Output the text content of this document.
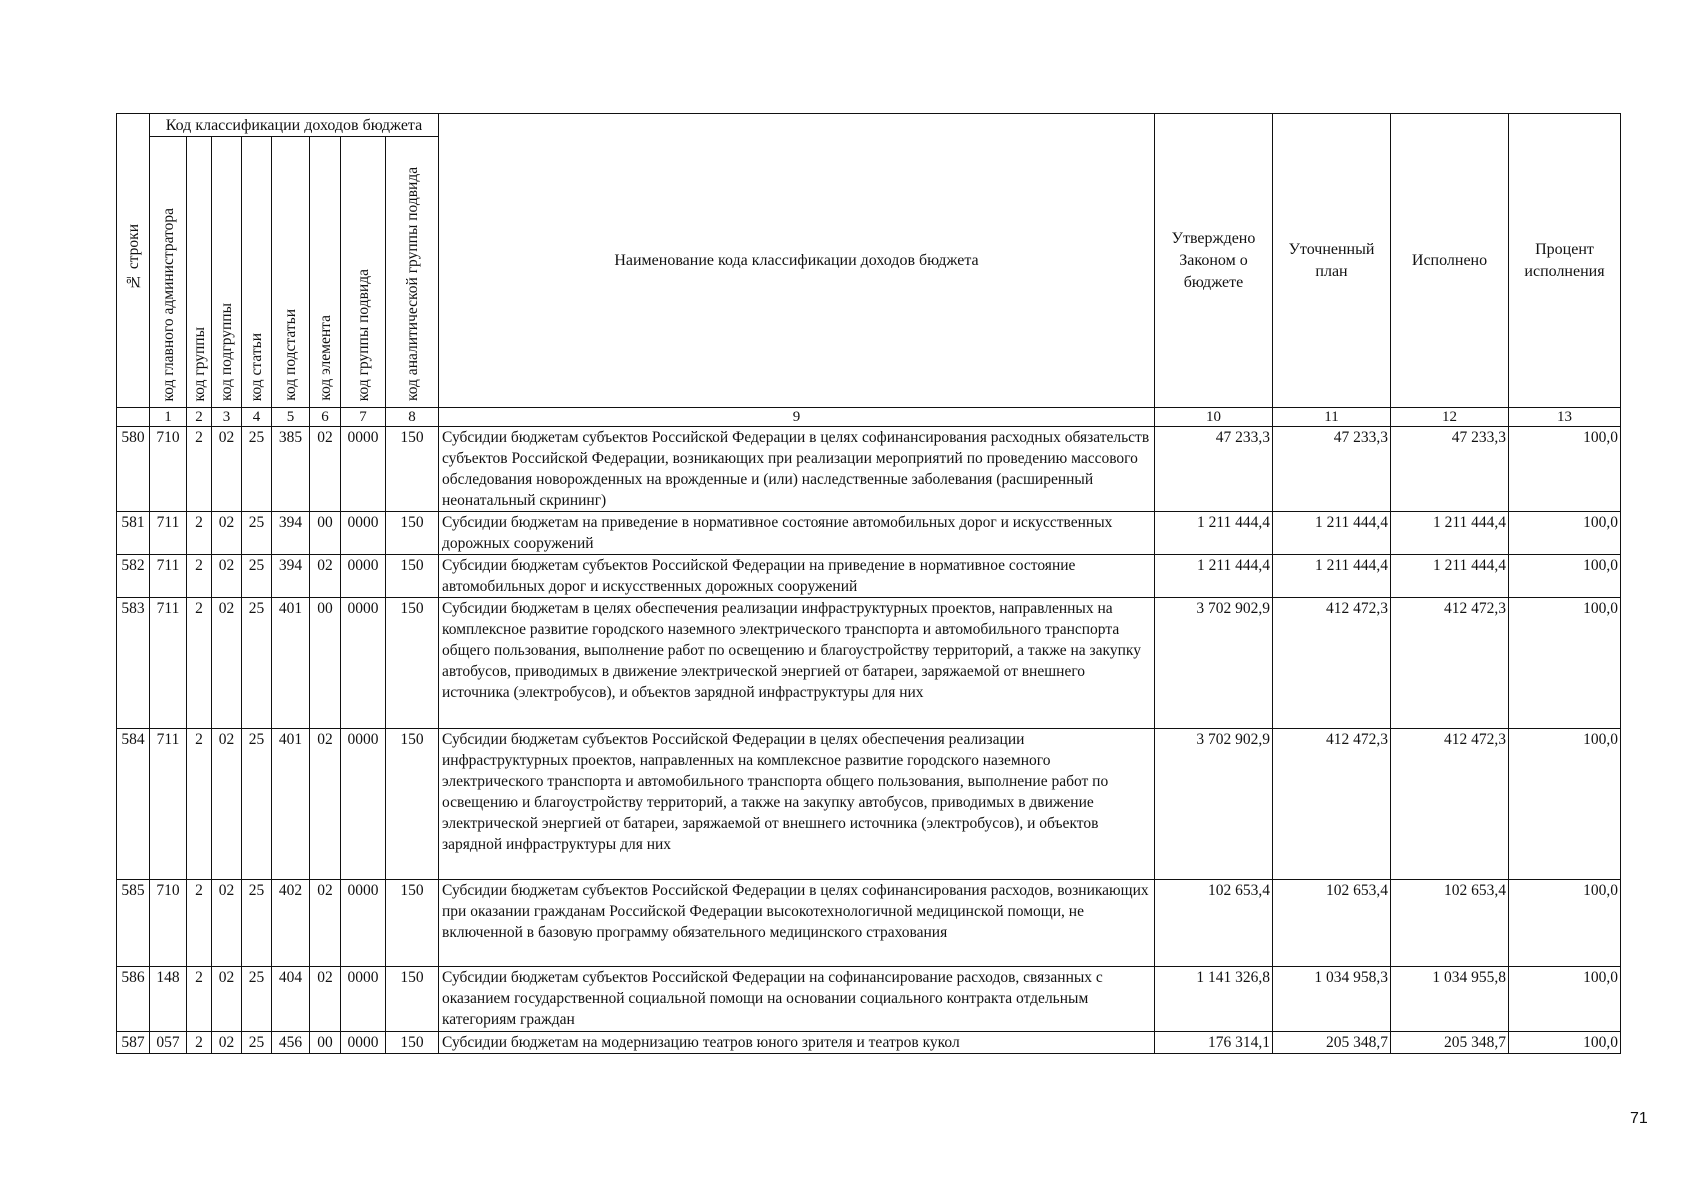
№ строки	Код классификации доходов бюджета								Наименование кода классификации доходов бюджета	Утверждено Законом о бюджете	Уточненный план	Исполнено	Процент исполнения
	код главного администратора	код группы	код подгруппы	код статьи	код подстатьи	код элемента	код группы подвида	код аналитической группы подвида					
	1	2	3	4	5	6	7	8	9	10	11	12	13
580	710	2	02	25	385	02	0000	150	Субсидии бюджетам субъектов Российской Федерации в целях софинансирования расходных обязательств субъектов Российской Федерации, возникающих при реализации мероприятий по проведению массового обследования новорожденных на врожденные и (или) наследственные заболевания (расширенный неонатальный скрининг)	47 233,3	47 233,3	47 233,3	100,0
581	711	2	02	25	394	00	0000	150	Субсидии бюджетам на приведение в нормативное состояние автомобильных дорог и искусственных дорожных сооружений	1 211 444,4	1 211 444,4	1 211 444,4	100,0
582	711	2	02	25	394	02	0000	150	Субсидии бюджетам субъектов Российской Федерации на приведение в нормативное состояние автомобильных дорог и искусственных дорожных сооружений	1 211 444,4	1 211 444,4	1 211 444,4	100,0
583	711	2	02	25	401	00	0000	150	Субсидии бюджетам в целях обеспечения реализации инфраструктурных проектов, направленных на комплексное развитие городского наземного электрического транспорта и автомобильного транспорта общего пользования, выполнение работ по освещению и благоустройству территорий, а также на закупку автобусов, приводимых в движение электрической энергией от батареи, заряжаемой от внешнего источника (электробусов), и объектов зарядной инфраструктуры для них	3 702 902,9	412 472,3	412 472,3	100,0
584	711	2	02	25	401	02	0000	150	Субсидии бюджетам субъектов Российской Федерации в целях обеспечения реализации инфраструктурных проектов, направленных на комплексное развитие городского наземного электрического транспорта и автомобильного транспорта общего пользования, выполнение работ по освещению и благоустройству территорий, а также на закупку автобусов, приводимых в движение электрической энергией от батареи, заряжаемой от внешнего источника (электробусов), и объектов зарядной инфраструктуры для них	3 702 902,9	412 472,3	412 472,3	100,0
585	710	2	02	25	402	02	0000	150	Субсидии бюджетам субъектов Российской Федерации в целях софинансирования расходов, возникающих при оказании гражданам Российской Федерации высокотехнологичной медицинской помощи, не включенной в базовую программу обязательного медицинского страхования	102 653,4	102 653,4	102 653,4	100,0
586	148	2	02	25	404	02	0000	150	Субсидии бюджетам субъектов Российской Федерации на софинансирование расходов, связанных с оказанием государственной социальной помощи на основании социального контракта отдельным категориям граждан	1 141 326,8	1 034 958,3	1 034 955,8	100,0
587	057	2	02	25	456	00	0000	150	Субсидии бюджетам на модернизацию театров юного зрителя и театров кукол	176 314,1	205 348,7	205 348,7	100,0
71
